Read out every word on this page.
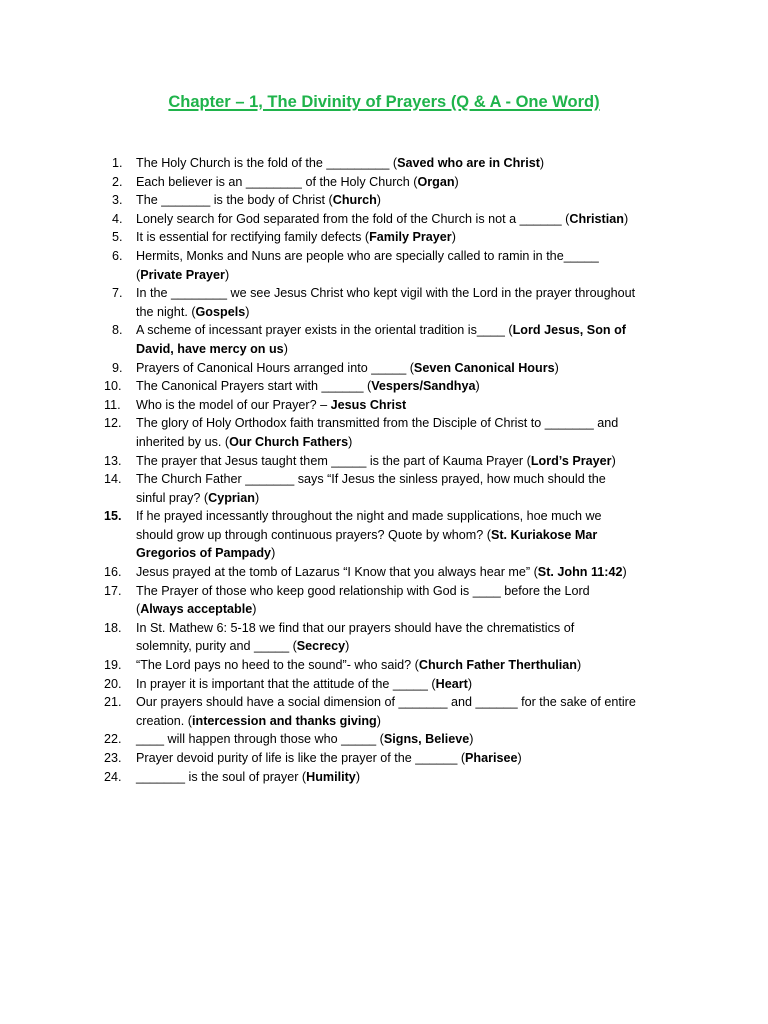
Chapter – 1, The Divinity of Prayers (Q & A - One Word)
1. The Holy Church is the fold of the _________ (Saved who are in Christ)
2. Each believer is an ________ of the Holy Church (Organ)
3. The _______ is the body of Christ (Church)
4. Lonely search for God separated from the fold of the Church is not a ______ (Christian)
5. It is essential for rectifying family defects (Family Prayer)
6. Hermits, Monks and Nuns are people who are specially called to ramin in the_____
(Private Prayer)
7. In the ________ we see Jesus Christ who kept vigil with the Lord in the prayer throughout
the night. (Gospels)
8. A scheme of incessant prayer exists in the oriental tradition is____ (Lord Jesus, Son of
David, have mercy on us)
9. Prayers of Canonical Hours arranged into _____ (Seven Canonical Hours)
10. The Canonical Prayers start with ______ (Vespers/Sandhya)
11. Who is the model of our Prayer? – Jesus Christ
12. The glory of Holy Orthodox faith transmitted from the Disciple of Christ to _______ and
inherited by us. (Our Church Fathers)
13. The prayer that Jesus taught them _____ is the part of Kauma Prayer (Lord’s Prayer)
14. The Church Father _______ says “If Jesus the sinless prayed, how much should the
sinful pray? (Cyprian)
15. If he prayed incessantly throughout the night and made supplications, hoe much we
should grow up through continuous prayers? Quote by whom? (St. Kuriakose Mar
Gregorios of Pampady)
16. Jesus prayed at the tomb of Lazarus “I Know that you always hear me” (St. John 11:42)
17. The Prayer of those who keep good relationship with God is ____ before the Lord
(Always acceptable)
18. In St. Mathew 6: 5-18 we find that our prayers should have the chrematistics of
solemnity, purity and _____ (Secrecy)
19. “The Lord pays no heed to the sound”- who said? (Church Father Therthulian)
20. In prayer it is important that the attitude of the _____ (Heart)
21. Our prayers should have a social dimension of _______ and ______ for the sake of entire
creation. (intercession and thanks giving)
22. ____ will happen through those who _____ (Signs, Believe)
23. Prayer devoid purity of life is like the prayer of the ______ (Pharisee)
24. _______ is the soul of prayer (Humility)
